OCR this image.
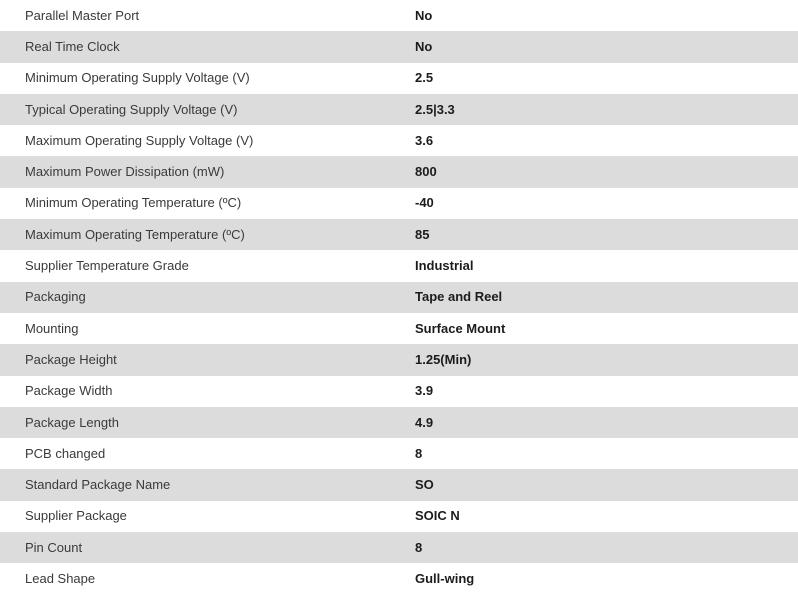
Parallel Master Port	No
Real Time Clock	No
Minimum Operating Supply Voltage (V)	2.5
Typical Operating Supply Voltage (V)	2.5|3.3
Maximum Operating Supply Voltage (V)	3.6
Maximum Power Dissipation (mW)	800
Minimum Operating Temperature (ºC)	-40
Maximum Operating Temperature (ºC)	85
Supplier Temperature Grade	Industrial
Packaging	Tape and Reel
Mounting	Surface Mount
Package Height	1.25(Min)
Package Width	3.9
Package Length	4.9
PCB changed	8
Standard Package Name	SO
Supplier Package	SOIC N
Pin Count	8
Lead Shape	Gull-wing
